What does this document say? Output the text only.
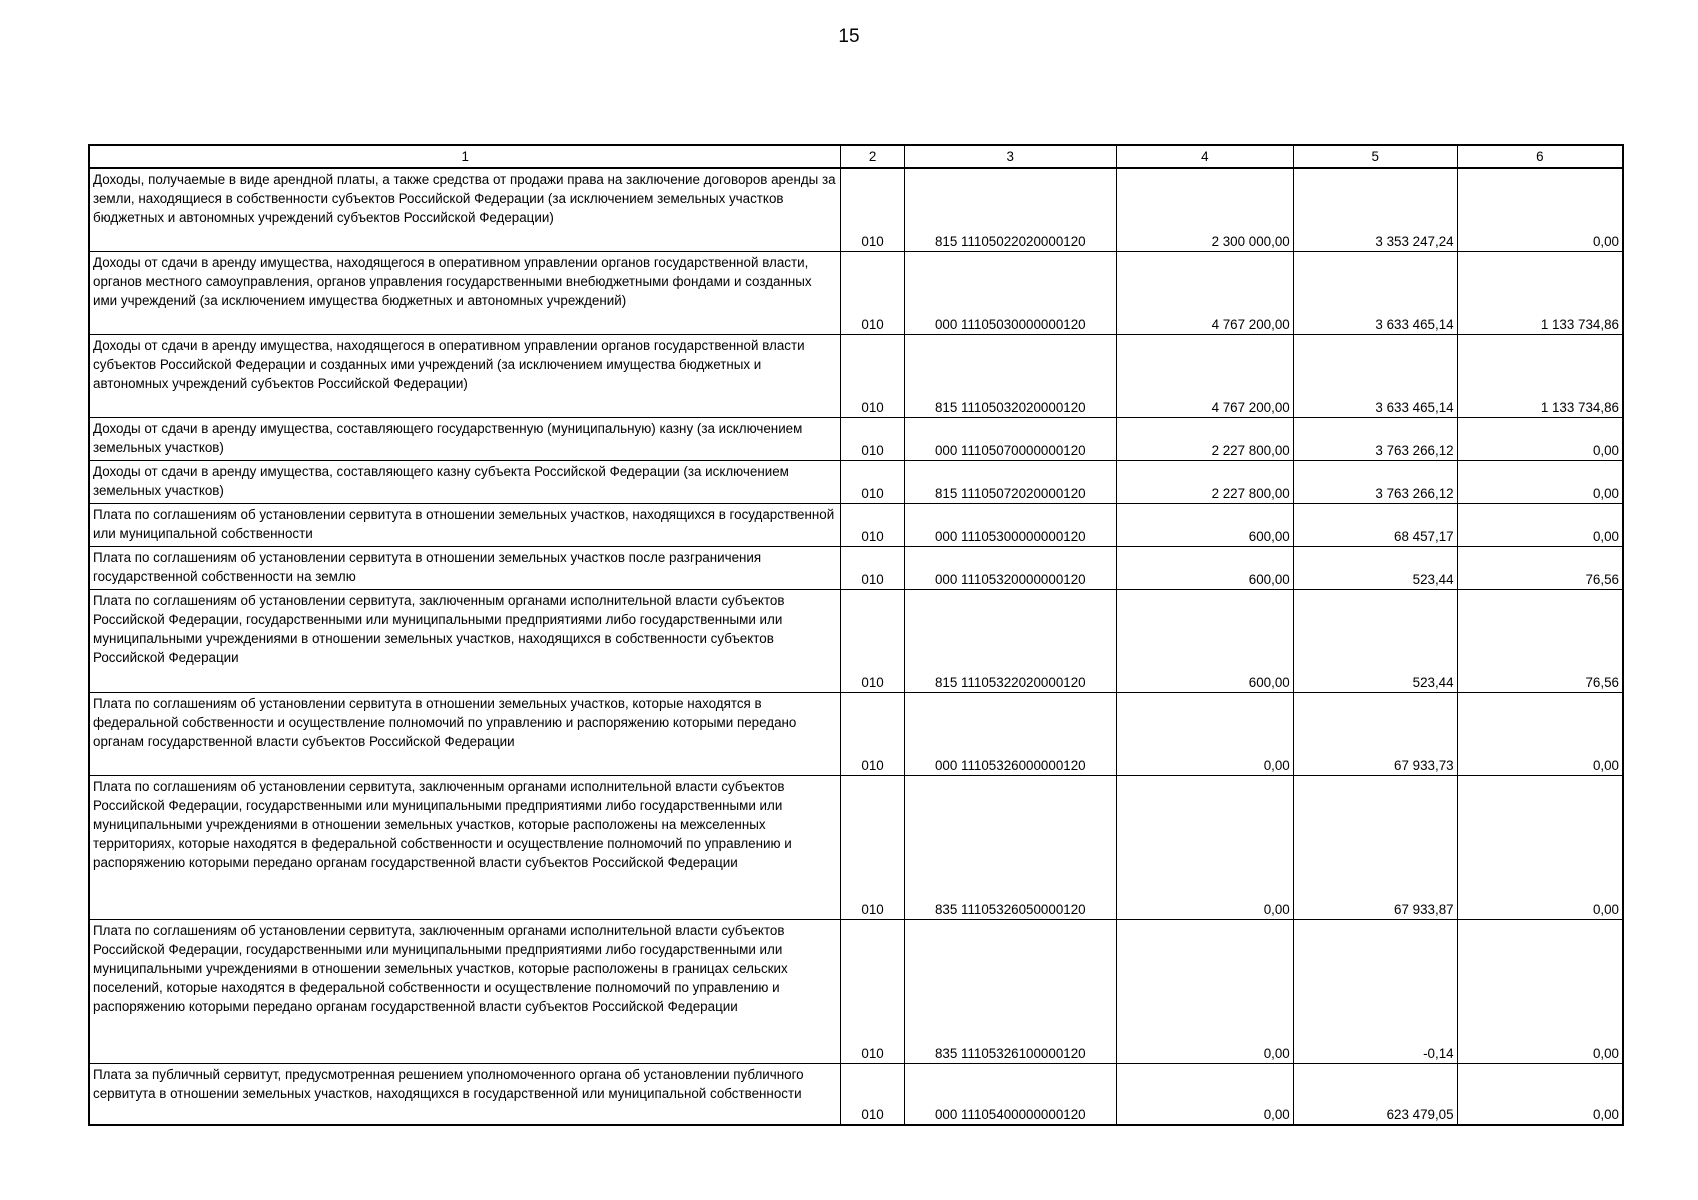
15
1	2	3	4	5	6
Доходы, получаемые в виде арендной платы, а также средства от продажи права на заключение договоров аренды за земли, находящиеся в собственности субъектов Российской Федерации (за исключением земельных участков бюджетных и автономных учреждений субъектов Российской Федерации)	010	815 11105022020000120	2 300 000,00	3 353 247,24	0,00
Доходы от сдачи в аренду имущества, находящегося в оперативном управлении органов государственной власти, органов местного самоуправления, органов управления государственными внебюджетными фондами и созданных ими учреждений (за исключением имущества бюджетных и автономных учреждений)	010	000 11105030000000120	4 767 200,00	3 633 465,14	1 133 734,86
Доходы от сдачи в аренду имущества, находящегося в оперативном управлении органов государственной власти субъектов Российской Федерации и созданных ими учреждений (за исключением имущества бюджетных и автономных учреждений субъектов Российской Федерации)	010	815 11105032020000120	4 767 200,00	3 633 465,14	1 133 734,86
Доходы от сдачи в аренду имущества, составляющего государственную (муниципальную) казну (за исключением земельных участков)	010	000 11105070000000120	2 227 800,00	3 763 266,12	0,00
Доходы от сдачи в аренду имущества, составляющего казну субъекта Российской Федерации (за исключением земельных участков)	010	815 11105072020000120	2 227 800,00	3 763 266,12	0,00
Плата по соглашениям об установлении сервитута в отношении земельных участков, находящихся в государственной или муниципальной собственности	010	000 11105300000000120	600,00	68 457,17	0,00
Плата по соглашениям об установлении сервитута в отношении земельных участков после разграничения государственной собственности на землю	010	000 11105320000000120	600,00	523,44	76,56
Плата по соглашениям об установлении сервитута, заключенным органами исполнительной власти субъектов Российской Федерации, государственными или муниципальными предприятиями либо государственными или муниципальными учреждениями в отношении земельных участков, находящихся в собственности субъектов Российской Федерации	010	815 11105322020000120	600,00	523,44	76,56
Плата по соглашениям об установлении сервитута в отношении земельных участков, которые находятся в федеральной собственности и осуществление полномочий по управлению и распоряжению которыми передано органам государственной власти субъектов Российской Федерации	010	000 11105326000000120	0,00	67 933,73	0,00
Плата по соглашениям об установлении сервитута, заключенным органами исполнительной власти субъектов Российской Федерации, государственными или муниципальными предприятиями либо государственными или муниципальными учреждениями в отношении земельных участков, которые расположены на межселенных территориях, которые находятся в федеральной собственности и осуществление полномочий по управлению и распоряжению которыми передано органам государственной власти субъектов Российской Федерации	010	835 11105326050000120	0,00	67 933,87	0,00
Плата по соглашениям об установлении сервитута, заключенным органами исполнительной власти субъектов Российской Федерации, государственными или муниципальными предприятиями либо государственными или муниципальными учреждениями в отношении земельных участков, которые расположены в границах сельских поселений, которые находятся в федеральной собственности и осуществление полномочий по управлению и распоряжению которыми передано органам государственной власти субъектов Российской Федерации	010	835 11105326100000120	0,00	-0,14	0,00
Плата за публичный сервитут, предусмотренная решением уполномоченного органа об установлении публичного сервитута в отношении земельных участков, находящихся в государственной или муниципальной собственности	010	000 11105400000000120	0,00	623 479,05	0,00
